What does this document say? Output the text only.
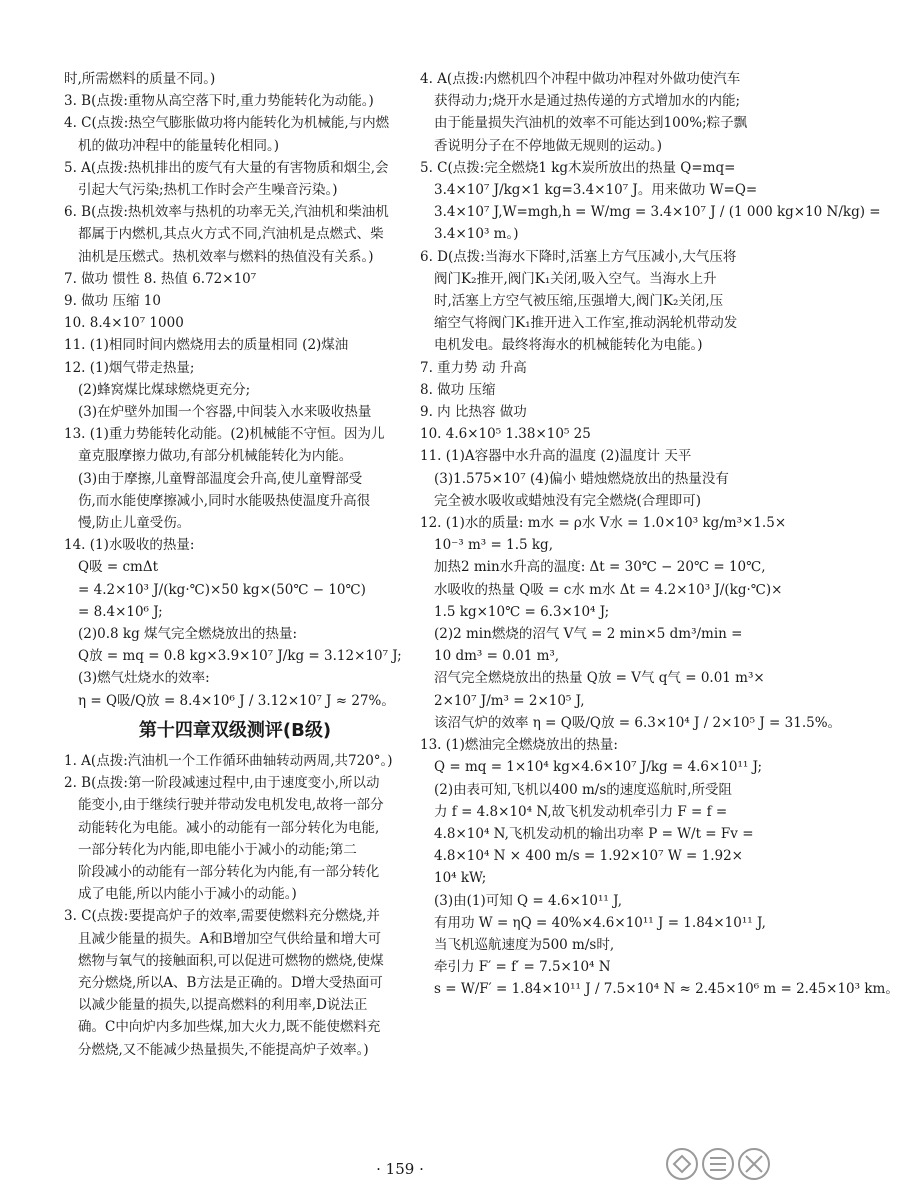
时,所需燃料的质量不同。)
3. B(点拨:重物从高空落下时,重力势能转化为动能。)
4. C(点拨:热空气膨胀做功将内能转化为机械能,与内燃
机的做功冲程中的能量转化相同。)
5. A(点拨:热机排出的废气有大量的有害物质和烟尘,会
引起大气污染;热机工作时会产生噪音污染。)
6. B(点拨:热机效率与热机的功率无关,汽油机和柴油机
都属于内燃机,其点火方式不同,汽油机是点燃式、柴
油机是压燃式。热机效率与燃料的热值没有关系。)
7. 做功 惯性 8. 热值 6.72×10⁷
9. 做功 压缩 10
10. 8.4×10⁷ 1000
11. (1)相同时间内燃烧用去的质量相同 (2)煤油
12. (1)烟气带走热量;
(2)蜂窝煤比煤球燃烧更充分;
(3)在炉壁外加围一个容器,中间装入水来吸收热量
13. (1)重力势能转化动能。(2)机械能不守恒。因为儿
童克服摩擦力做功,有部分机械能转化为内能。
(3)由于摩擦,儿童臀部温度会升高,使儿童臀部受
伤,而水能使摩擦减小,同时水能吸热使温度升高很
慢,防止儿童受伤。
14. (1)水吸收的热量:
Q吸 = cmΔt
= 4.2×10³ J/(kg·℃)×50 kg×(50℃ − 10℃)
= 8.4×10⁶ J;
(2)0.8 kg 煤气完全燃烧放出的热量:
Q放 = mq = 0.8 kg×3.9×10⁷ J/kg = 3.12×10⁷ J;
(3)燃气灶烧水的效率:
η = Q吸/Q放 = 8.4×10⁶ J / 3.12×10⁷ J ≈ 27%。
第十四章双级测评(B级)
1. A(点拨:汽油机一个工作循环曲轴转动两周,共720°。)
2. B(点拨:第一阶段减速过程中,由于速度变小,所以动
能变小,由于继续行驶并带动发电机发电,故将一部分
动能转化为电能。减小的动能有一部分转化为电能,
一部分转化为内能,即电能小于减小的动能;第二
阶段减小的动能有一部分转化为内能,有一部分转化
成了电能,所以内能小于减小的动能。)
3. C(点拨:要提高炉子的效率,需要使燃料充分燃烧,并
且减少能量的损失。A和B增加空气供给量和增大可
燃物与氧气的接触面积,可以促进可燃物的燃烧,使煤
充分燃烧,所以A、B方法是正确的。D增大受热面可
以减少能量的损失,以提高燃料的利用率,D说法正
确。C中向炉内多加些煤,加大火力,既不能使燃料充
分燃烧,又不能减少热量损失,不能提高炉子效率。)
4. A(点拨:内燃机四个冲程中做功冲程对外做功使汽车
获得动力;烧开水是通过热传递的方式增加水的内能;
由于能量损失汽油机的效率不可能达到100%;粽子飘
香说明分子在不停地做无规则的运动。)
5. C(点拨:完全燃烧1 kg木炭所放出的热量 Q=mq=
3.4×10⁷ J/kg×1 kg=3.4×10⁷ J。用来做功 W=Q=
3.4×10⁷ J,W=mgh,h = W/mg = 3.4×10⁷ J / (1 000 kg×10 N/kg) =
3.4×10³ m。)
6. D(点拨:当海水下降时,活塞上方气压减小,大气压将
阀门K₂推开,阀门K₁关闭,吸入空气。当海水上升
时,活塞上方空气被压缩,压强增大,阀门K₂关闭,压
缩空气将阀门K₁推开进入工作室,推动涡轮机带动发
电机发电。最终将海水的机械能转化为电能。)
7. 重力势 动 升高
8. 做功 压缩
9. 内 比热容 做功
10. 4.6×10⁵ 1.38×10⁵ 25
11. (1)A容器中水升高的温度 (2)温度计 天平
(3)1.575×10⁷ (4)偏小 蜡烛燃烧放出的热量没有
完全被水吸收或蜡烛没有完全燃烧(合理即可)
12. (1)水的质量: m水 = ρ水 V水 = 1.0×10³ kg/m³×1.5×
10⁻³ m³ = 1.5 kg,
加热2 min水升高的温度: Δt = 30℃ − 20℃ = 10℃,
水吸收的热量 Q吸 = c水 m水 Δt = 4.2×10³ J/(kg·℃)×
1.5 kg×10℃ = 6.3×10⁴ J;
(2)2 min燃烧的沼气 V气 = 2 min×5 dm³/min =
10 dm³ = 0.01 m³,
沼气完全燃烧放出的热量 Q放 = V气 q气 = 0.01 m³×
2×10⁷ J/m³ = 2×10⁵ J,
该沼气炉的效率 η = Q吸/Q放 = 6.3×10⁴ J / 2×10⁵ J = 31.5%。
13. (1)燃油完全燃烧放出的热量:
Q = mq = 1×10⁴ kg×4.6×10⁷ J/kg = 4.6×10¹¹ J;
(2)由表可知,飞机以400 m/s的速度巡航时,所受阻
力 f = 4.8×10⁴ N,故飞机发动机牵引力 F = f =
4.8×10⁴ N,飞机发动机的输出功率 P = W/t = Fv =
4.8×10⁴ N × 400 m/s = 1.92×10⁷ W = 1.92×
10⁴ kW;
(3)由(1)可知 Q = 4.6×10¹¹ J,
有用功 W = ηQ = 40%×4.6×10¹¹ J = 1.84×10¹¹ J,
当飞机巡航速度为500 m/s时,
牵引力 F′ = f′ = 7.5×10⁴ N
s = W/F′ = 1.84×10¹¹ J / 7.5×10⁴ N ≈ 2.45×10⁶ m = 2.45×10³ km。
· 159 ·
